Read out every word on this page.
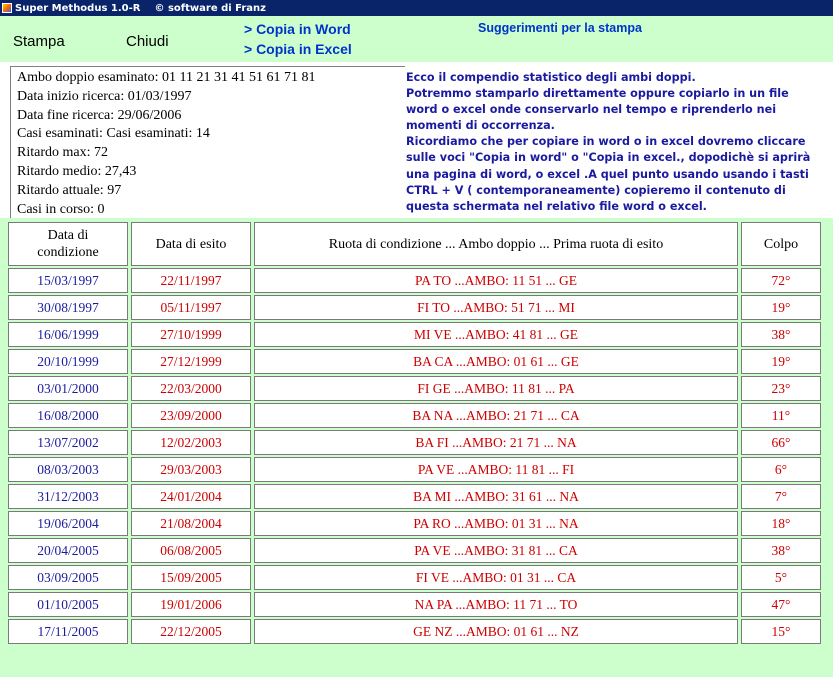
Super Methodus 1.0-R © software di Franz
Stampa	Chiudi
> Copia in Word
> Copia in Excel
Suggerimenti per la stampa
Ambo doppio esaminato: 01 11 21 31 41 51 61 71 81
Data inizio ricerca: 01/03/1997
Data fine ricerca: 29/06/2006
Casi esaminati: Casi esaminati: 14
Ritardo max: 72
Ritardo medio: 27,43
Ritardo attuale: 97
Casi in corso: 0
Ecco il compendio statistico degli ambi doppi.
Potremmo stamparlo direttamente oppure copiarlo in un file
word o excel onde conservarlo nel tempo e riprenderlo nei
momenti di occorrenza.
Ricordiamo che per copiare in word o in excel dovremo cliccare
sulle voci "Copia in word" o "Copia in excel., dopodichè si aprirà
una pagina di word, o excel .A quel punto usando usando i tasti
CTRL + V ( contemporaneamente) copieremo il contenuto di
questa schermata nel relativo file word o excel.
Data di condizione	Data di esito	Ruota di condizione ... Ambo doppio ... Prima ruota di esito	Colpo
15/03/1997	22/11/1997	PA TO ...AMBO: 11 51 ... GE	72°
30/08/1997	05/11/1997	FI TO ...AMBO: 51 71 ... MI	19°
16/06/1999	27/10/1999	MI VE ...AMBO: 41 81 ... GE	38°
20/10/1999	27/12/1999	BA CA ...AMBO: 01 61 ... GE	19°
03/01/2000	22/03/2000	FI GE ...AMBO: 11 81 ... PA	23°
16/08/2000	23/09/2000	BA NA ...AMBO: 21 71 ... CA	11°
13/07/2002	12/02/2003	BA FI ...AMBO: 21 71 ... NA	66°
08/03/2003	29/03/2003	PA VE ...AMBO: 11 81 ... FI	6°
31/12/2003	24/01/2004	BA MI ...AMBO: 31 61 ... NA	7°
19/06/2004	21/08/2004	PA RO ...AMBO: 01 31 ... NA	18°
20/04/2005	06/08/2005	PA VE ...AMBO: 31 81 ... CA	38°
03/09/2005	15/09/2005	FI VE ...AMBO: 01 31 ... CA	5°
01/10/2005	19/01/2006	NA PA ...AMBO: 11 71 ... TO	47°
17/11/2005	22/12/2005	GE NZ ...AMBO: 01 61 ... NZ	15°
